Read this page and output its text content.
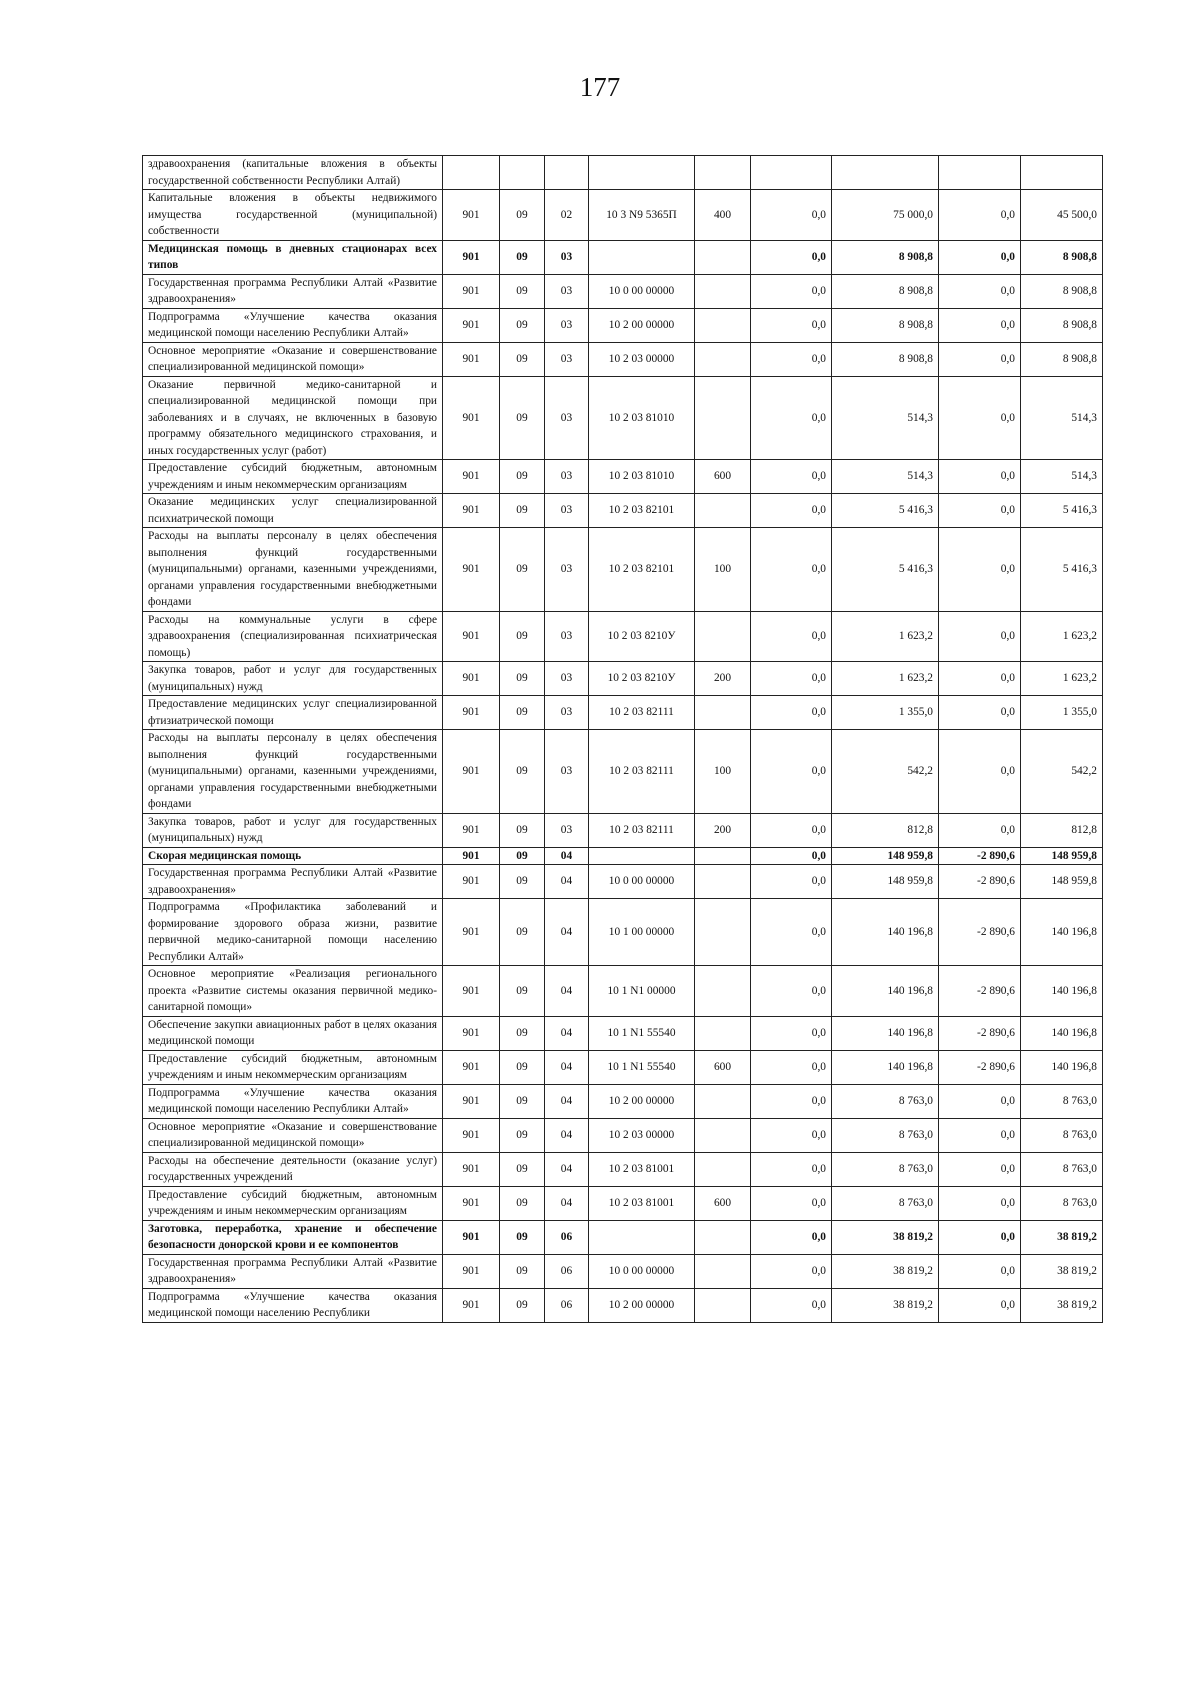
177
здравоохранения (капитальные вложения в объекты государственной собственности Республики Алтай)									
Капитальные вложения в объекты недвижимого имущества государственной (муниципальной) собственности	901	09	02	10 3 N9 5365П	400	0,0	75 000,0	0,0	45 500,0
Медицинская помощь в дневных стационарах всех типов	901	09	03			0,0	8 908,8	0,0	8 908,8
Государственная программа Республики Алтай «Развитие здравоохранения»	901	09	03	10 0 00 00000		0,0	8 908,8	0,0	8 908,8
Подпрограмма «Улучшение качества оказания медицинской помощи населению Республики Алтай»	901	09	03	10 2 00 00000		0,0	8 908,8	0,0	8 908,8
Основное мероприятие «Оказание и совершенствование специализированной медицинской помощи»	901	09	03	10 2 03 00000		0,0	8 908,8	0,0	8 908,8
Оказание первичной медико-санитарной и специализированной медицинской помощи при заболеваниях и в случаях, не включенных в базовую программу обязательного медицинского страхования, и иных государственных услуг (работ)	901	09	03	10 2 03 81010		0,0	514,3	0,0	514,3
Предоставление субсидий бюджетным, автономным учреждениям и иным некоммерческим организациям	901	09	03	10 2 03 81010	600	0,0	514,3	0,0	514,3
Оказание медицинских услуг специализированной психиатрической помощи	901	09	03	10 2 03 82101		0,0	5 416,3	0,0	5 416,3
Расходы на выплаты персоналу в целях обеспечения выполнения функций государственными (муниципальными) органами, казенными учреждениями, органами управления государственными внебюджетными фондами	901	09	03	10 2 03 82101	100	0,0	5 416,3	0,0	5 416,3
Расходы на коммунальные услуги в сфере здравоохранения (специализированная психиатрическая помощь)	901	09	03	10 2 03 8210У		0,0	1 623,2	0,0	1 623,2
Закупка товаров, работ и услуг для государственных (муниципальных) нужд	901	09	03	10 2 03 8210У	200	0,0	1 623,2	0,0	1 623,2
Предоставление медицинских услуг специализированной фтизиатрической помощи	901	09	03	10 2 03 82111		0,0	1 355,0	0,0	1 355,0
Расходы на выплаты персоналу в целях обеспечения выполнения функций государственными (муниципальными) органами, казенными учреждениями, органами управления государственными внебюджетными фондами	901	09	03	10 2 03 82111	100	0,0	542,2	0,0	542,2
Закупка товаров, работ и услуг для государственных (муниципальных) нужд	901	09	03	10 2 03 82111	200	0,0	812,8	0,0	812,8
Скорая медицинская помощь	901	09	04			0,0	148 959,8	-2 890,6	148 959,8
Государственная программа Республики Алтай «Развитие здравоохранения»	901	09	04	10 0 00 00000		0,0	148 959,8	-2 890,6	148 959,8
Подпрограмма «Профилактика заболеваний и формирование здорового образа жизни, развитие первичной медико-санитарной помощи населению Республики Алтай»	901	09	04	10 1 00 00000		0,0	140 196,8	-2 890,6	140 196,8
Основное мероприятие «Реализация регионального проекта «Развитие системы оказания первичной медико-санитарной помощи»	901	09	04	10 1 N1 00000		0,0	140 196,8	-2 890,6	140 196,8
Обеспечение закупки авиационных работ в целях оказания медицинской помощи	901	09	04	10 1 N1 55540		0,0	140 196,8	-2 890,6	140 196,8
Предоставление субсидий бюджетным, автономным учреждениям и иным некоммерческим организациям	901	09	04	10 1 N1 55540	600	0,0	140 196,8	-2 890,6	140 196,8
Подпрограмма «Улучшение качества оказания медицинской помощи населению Республики Алтай»	901	09	04	10 2 00 00000		0,0	8 763,0	0,0	8 763,0
Основное мероприятие «Оказание и совершенствование специализированной медицинской помощи»	901	09	04	10 2 03 00000		0,0	8 763,0	0,0	8 763,0
Расходы на обеспечение деятельности (оказание услуг) государственных учреждений	901	09	04	10 2 03 81001		0,0	8 763,0	0,0	8 763,0
Предоставление субсидий бюджетным, автономным учреждениям и иным некоммерческим организациям	901	09	04	10 2 03 81001	600	0,0	8 763,0	0,0	8 763,0
Заготовка, переработка, хранение и обеспечение безопасности донорской крови и ее компонентов	901	09	06			0,0	38 819,2	0,0	38 819,2
Государственная программа Республики Алтай «Развитие здравоохранения»	901	09	06	10 0 00 00000		0,0	38 819,2	0,0	38 819,2
Подпрограмма «Улучшение качества оказания медицинской помощи населению Республики	901	09	06	10 2 00 00000		0,0	38 819,2	0,0	38 819,2
